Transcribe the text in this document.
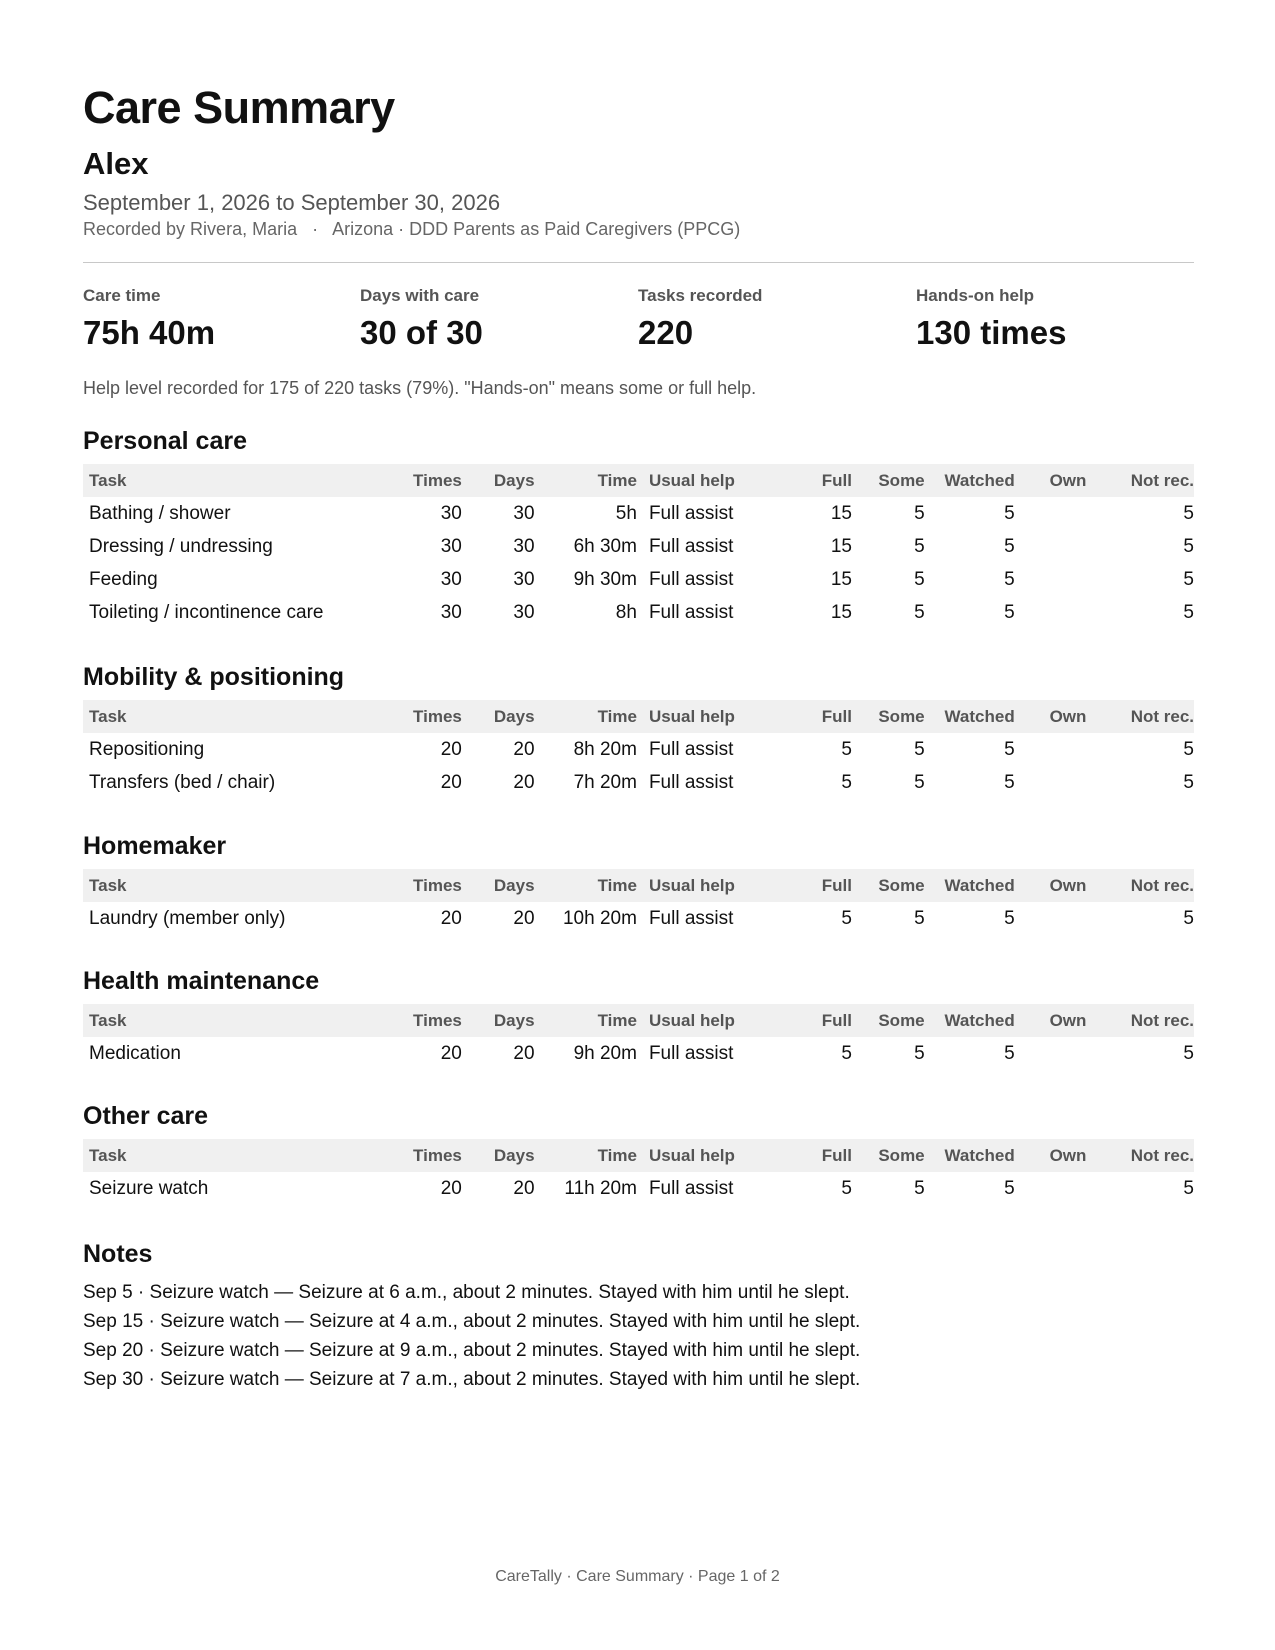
Care Summary
Alex
September 1, 2026 to September 30, 2026
Recorded by Rivera, Maria · Arizona · DDD Parents as Paid Caregivers (PPCG)
Care time
75h 40m
Days with care
30 of 30
Tasks recorded
220
Hands-on help
130 times
Help level recorded for 175 of 220 tasks (79%). "Hands-on" means some or full help.
Personal care
Task	Times	Days	Time	Usual help	Full	Some	Watched	Own	Not rec.
Bathing / shower	30	30	5h	Full assist	15	5	5		5
Dressing / undressing	30	30	6h 30m	Full assist	15	5	5		5
Feeding	30	30	9h 30m	Full assist	15	5	5		5
Toileting / incontinence care	30	30	8h	Full assist	15	5	5		5
Mobility & positioning
Task	Times	Days	Time	Usual help	Full	Some	Watched	Own	Not rec.
Repositioning	20	20	8h 20m	Full assist	5	5	5		5
Transfers (bed / chair)	20	20	7h 20m	Full assist	5	5	5		5
Homemaker
Task	Times	Days	Time	Usual help	Full	Some	Watched	Own	Not rec.
Laundry (member only)	20	20	10h 20m	Full assist	5	5	5		5
Health maintenance
Task	Times	Days	Time	Usual help	Full	Some	Watched	Own	Not rec.
Medication	20	20	9h 20m	Full assist	5	5	5		5
Other care
Task	Times	Days	Time	Usual help	Full	Some	Watched	Own	Not rec.
Seizure watch	20	20	11h 20m	Full assist	5	5	5		5
Notes
Sep 5 · Seizure watch — Seizure at 6 a.m., about 2 minutes. Stayed with him until he slept.
Sep 15 · Seizure watch — Seizure at 4 a.m., about 2 minutes. Stayed with him until he slept.
Sep 20 · Seizure watch — Seizure at 9 a.m., about 2 minutes. Stayed with him until he slept.
Sep 30 · Seizure watch — Seizure at 7 a.m., about 2 minutes. Stayed with him until he slept.
CareTally · Care Summary · Page 1 of 2
